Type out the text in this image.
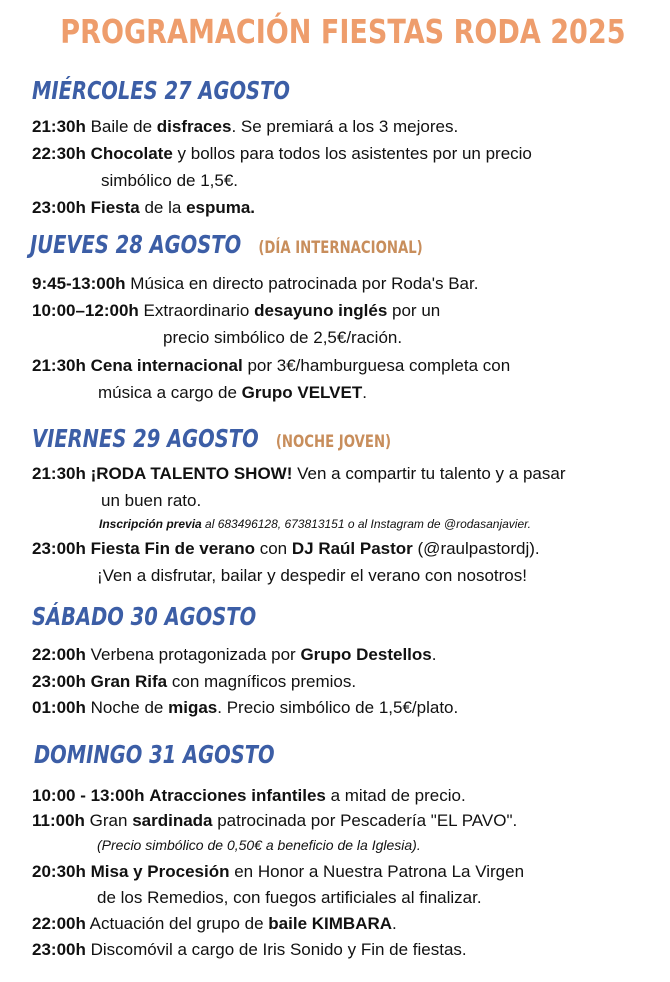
PROGRAMACIÓN FIESTAS RODA 2025
MIÉRCOLES 27 AGOSTO
21:30h Baile de disfraces. Se premiará a los 3 mejores.
22:30h Chocolate y bollos para todos los asistentes por un precio
simbólico de 1,5€.
23:00h Fiesta de la espuma.
JUEVES 28 AGOSTO (DÍA INTERNACIONAL)
9:45-13:00h Música en directo patrocinada por Roda's Bar.
10:00–12:00h Extraordinario desayuno inglés por un
precio simbólico de 2,5€/ración.
21:30h Cena internacional por 3€/hamburguesa completa con
música a cargo de Grupo VELVET.
VIERNES 29 AGOSTO (NOCHE JOVEN)
21:30h ¡RODA TALENTO SHOW! Ven a compartir tu talento y a pasar
un buen rato.
Inscripción previa al 683496128, 673813151 o al Instagram de @rodasanjavier.
23:00h Fiesta Fin de verano con DJ Raúl Pastor (@raulpastordj).
¡Ven a disfrutar, bailar y despedir el verano con nosotros!
SÁBADO 30 AGOSTO
22:00h Verbena protagonizada por Grupo Destellos.
23:00h Gran Rifa con magníficos premios.
01:00h Noche de migas. Precio simbólico de 1,5€/plato.
DOMINGO 31 AGOSTO
10:00 - 13:00h Atracciones infantiles a mitad de precio.
11:00h Gran sardinada patrocinada por Pescadería "EL PAVO".
(Precio simbólico de 0,50€ a beneficio de la Iglesia).
20:30h Misa y Procesión en Honor a Nuestra Patrona La Virgen
de los Remedios, con fuegos artificiales al finalizar.
22:00h Actuación del grupo de baile KIMBARA.
23:00h Discomóvil a cargo de Iris Sonido y Fin de fiestas.
